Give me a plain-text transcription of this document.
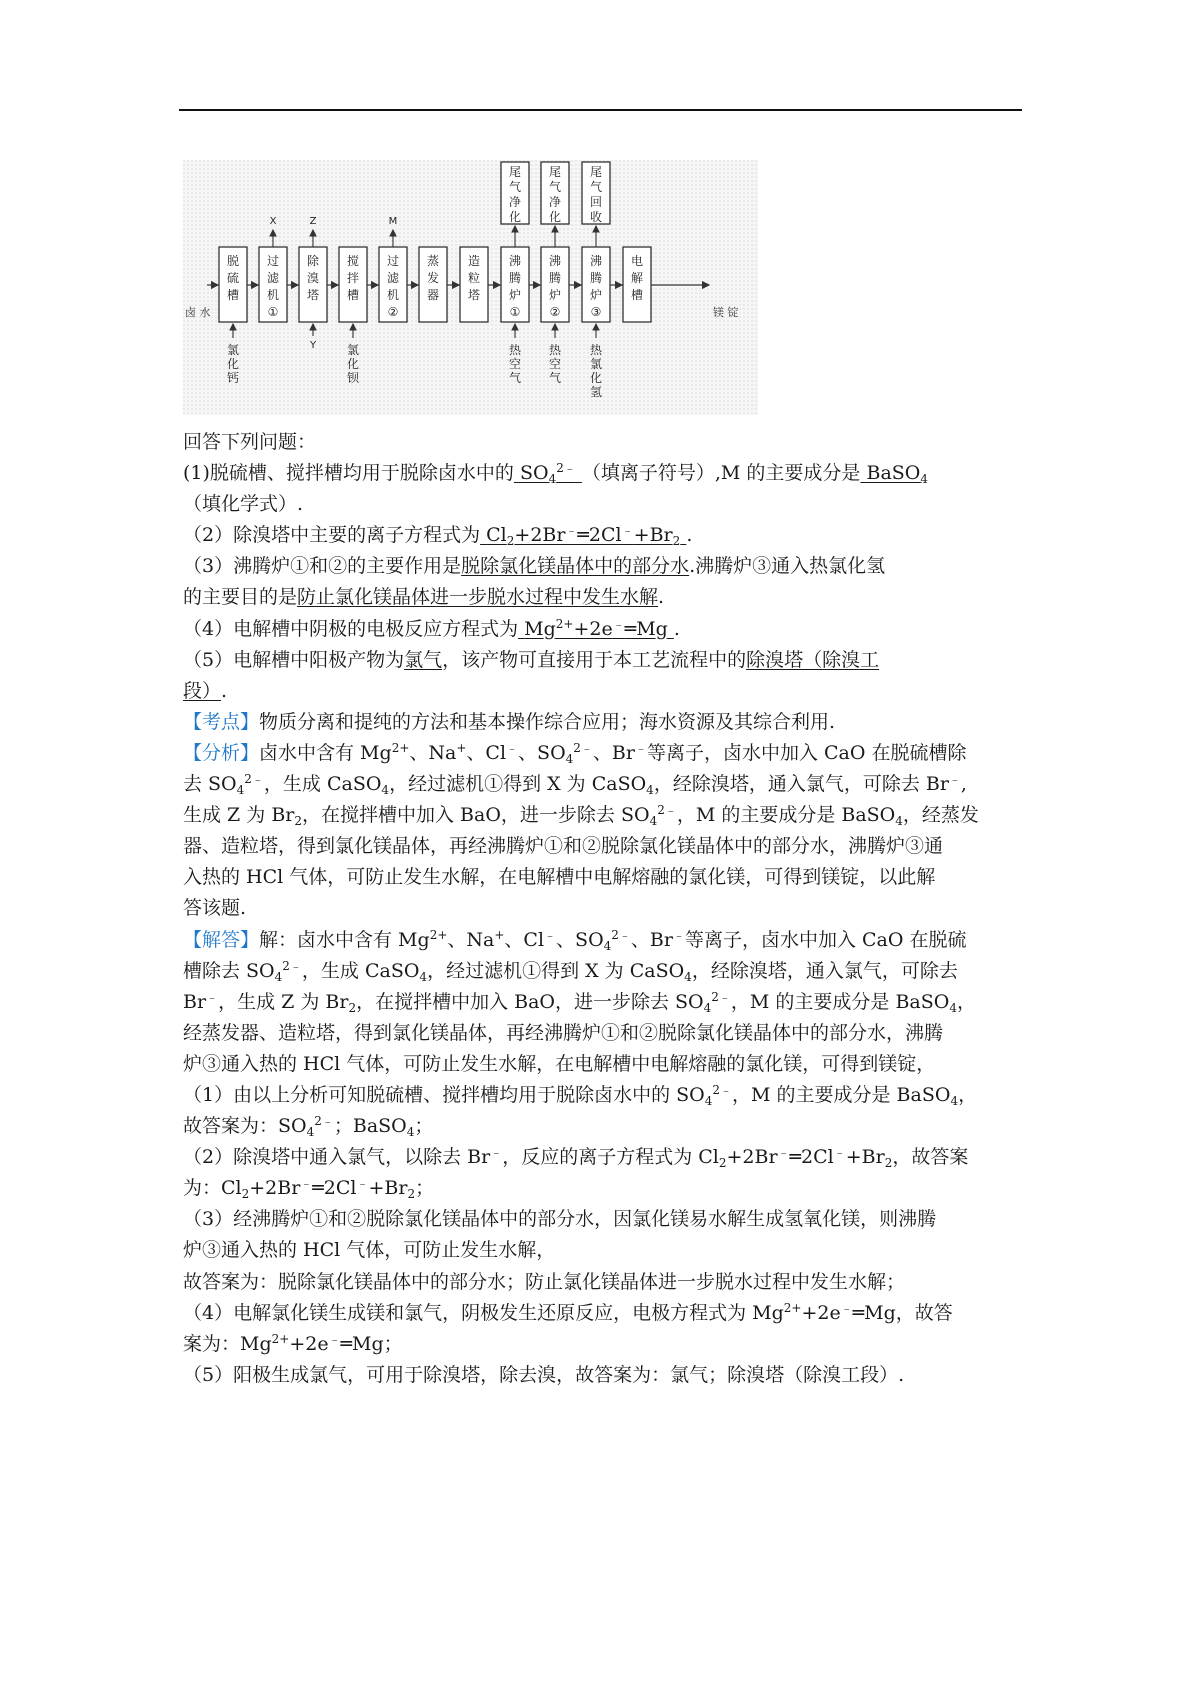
卤 水	镁 锭
脱硫槽
氯化钙
过滤机 ①
X
除溴塔
Z
Y
搅拌槽
氯化钡
过滤机 ②
M
蒸发器
造粒塔
沸腾炉 ①
尾气净化
热空气
沸腾炉 ②
尾气净化
热空气
沸腾炉 ③
尾气回收
热氯化氢
电解槽
回答下列问题：
(1)脱硫槽、搅拌槽均用于脱除卤水中的 $SO_4^{2﹣}$ （填离子符号）,M 的主要成分是 BaSO$_4$
（填化学式）.
（2）除溴塔中主要的离子方程式为 $Cl_2+2Br^﹣═2Cl^﹣+Br_2$ .
（3）沸腾炉①和②的主要作用是脱除氯化镁晶体中的部分水.沸腾炉③通入热氯化氢
的主要目的是防止氯化镁晶体进一步脱水过程中发生水解.
（4）电解槽中阴极的电极反应方程式为 $Mg^{2+}+2e^﹣═Mg$ .
（5）电解槽中阳极产物为氯气，该产物可直接用于本工艺流程中的除溴塔（除溴工
段）.
【考点】物质分离和提纯的方法和基本操作综合应用；海水资源及其综合利用.
【分析】卤水中含有 $Mg^{2+}$、Na+、Cl﹣、$SO_4^{2﹣}$、Br﹣等离子，卤水中加入 CaO 在脱硫槽除
去 $SO_4^{2﹣}$，生成 CaSO$_4$，经过滤机①得到 X 为 CaSO$_4$，经除溴塔，通入氯气，可除去 Br﹣,
生成 Z 为 $Br_2$，在搅拌槽中加入 BaO，进一步除去 $SO_4^{2﹣}$，M 的主要成分是 BaSO$_4$，经蒸发
器、造粒塔，得到氯化镁晶体，再经沸腾炉①和②脱除氯化镁晶体中的部分水，沸腾炉③通
入热的 HCl 气体，可防止发生水解，在电解槽中电解熔融的氯化镁，可得到镁锭，以此解
答该题.
【解答】解：卤水中含有 $Mg^{2+}$、Na+、Cl﹣、$SO_4^{2﹣}$、Br﹣等离子，卤水中加入 CaO 在脱硫
槽除去 $SO_4^{2﹣}$，生成 CaSO$_4$，经过滤机①得到 X 为 CaSO$_4$，经除溴塔，通入氯气，可除去
Br﹣，生成 Z 为 $Br_2$，在搅拌槽中加入 BaO，进一步除去 $SO_4^{2﹣}$，M 的主要成分是 BaSO$_4$，
经蒸发器、造粒塔，得到氯化镁晶体，再经沸腾炉①和②脱除氯化镁晶体中的部分水，沸腾
炉③通入热的 HCl 气体，可防止发生水解，在电解槽中电解熔融的氯化镁，可得到镁锭，
（1）由以上分析可知脱硫槽、搅拌槽均用于脱除卤水中的 $SO_4^{2﹣}$，M 的主要成分是 BaSO$_4$，
故答案为：$SO_4^{2﹣}$；BaSO$_4$；
（2）除溴塔中通入氯气，以除去 Br﹣，反应的离子方程式为 $Cl_2+2Br^﹣═2Cl^﹣+Br_2$，故答案
为：$Cl_2+2Br^﹣═2Cl^﹣+Br_2$；
（3）经沸腾炉①和②脱除氯化镁晶体中的部分水，因氯化镁易水解生成氢氧化镁，则沸腾
炉③通入热的 HCl 气体，可防止发生水解，
故答案为：脱除氯化镁晶体中的部分水；防止氯化镁晶体进一步脱水过程中发生水解；
（4）电解氯化镁生成镁和氯气，阴极发生还原反应，电极方程式为 $Mg^{2+}+2e^﹣═Mg$，故答
案为：$Mg^{2+}+2e^﹣═Mg$；
（5）阳极生成氯气，可用于除溴塔，除去溴，故答案为：氯气；除溴塔（除溴工段）.
